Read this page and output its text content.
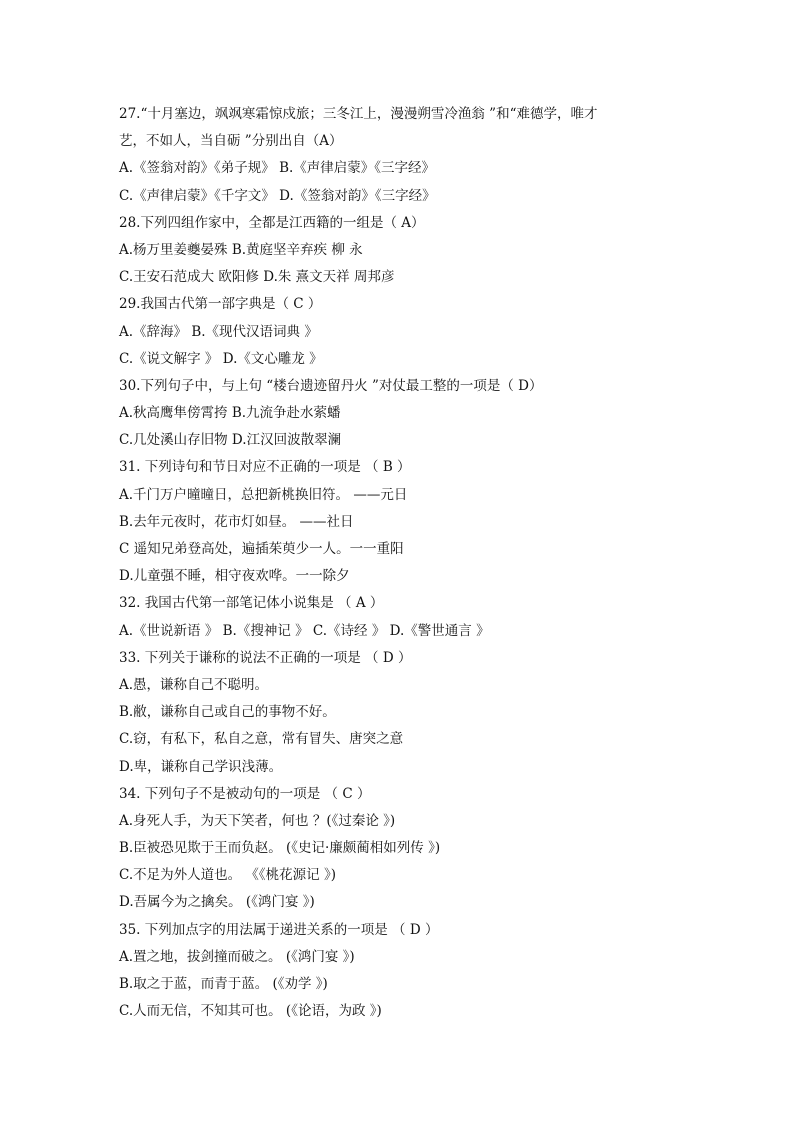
27.“十月塞边，飒飒寒霜惊戍旅；三冬江上，漫漫朔雪冷渔翁 ”和“难德学，唯才
艺，不如人，当自砺 ”分别出自（A）
A.《签翁对韵》《弟子规》 B.《声律启蒙》《三字经》
C.《声律启蒙》《千字文》 D.《签翁对韵》《三字经》
28.下列四组作家中，全都是江西籍的一组是（ A）
A.杨万里姜夔晏殊 B.黄庭坚辛弃疾 柳 永
C.王安石范成大 欧阳修 D.朱 熹文天祥 周邦彦
29.我国古代第一部字典是（ C ）
A.《辞海》 B.《现代汉语词典 》
C.《说文解字 》 D.《文心雕龙 》
30.下列句子中，与上句 “楼台遗迹留丹火 ”对仗最工整的一项是（ D）
A.秋高鹰隼傍霄挎 B.九流争赴水萦蟠
C.几处溪山存旧物 D.江汉回波散翠澜
31. 下列诗句和节日对应不正确的一项是 （ B ）
A.千门万户曈曈日，总把新桃换旧符。 ——元日
B.去年元夜时，花市灯如昼。 ——社日
C 遥知兄弟登高处，遍插茱萸少一人。一一重阳
D.儿童强不睡，相守夜欢哗。一一除夕
32. 我国古代第一部笔记体小说集是 （ A ）
A.《世说新语 》 B.《搜神记 》 C.《诗经 》 D.《警世通言 》
33. 下列关于谦称的说法不正确的一项是 （ D ）
A.愚，谦称自己不聪明。
B.敝，谦称自己或自己的事物不好。
C.窃，有私下，私自之意，常有冒失、唐突之意
D.卑，谦称自己学识浅薄。
34. 下列句子不是被动句的一项是 （ C ）
A.身死人手，为天下笑者，何也 ？(《过秦论 》)
B.臣被恐见欺于王而负赵。 (《史记·廉颇蔺相如列传 》)
C.不足为外人道也。 《《桃花源记 》)
D.吾属今为之擒矣。 (《鸿门宴 》)
35. 下列加点字的用法属于递进关系的一项是 （ D ）
A.置之地，拔剑撞而破之。 (《鸿门宴 》)
B.取之于蓝，而青于蓝。 (《劝学 》)
C.人而无信，不知其可也。 (《论语，为政 》)
